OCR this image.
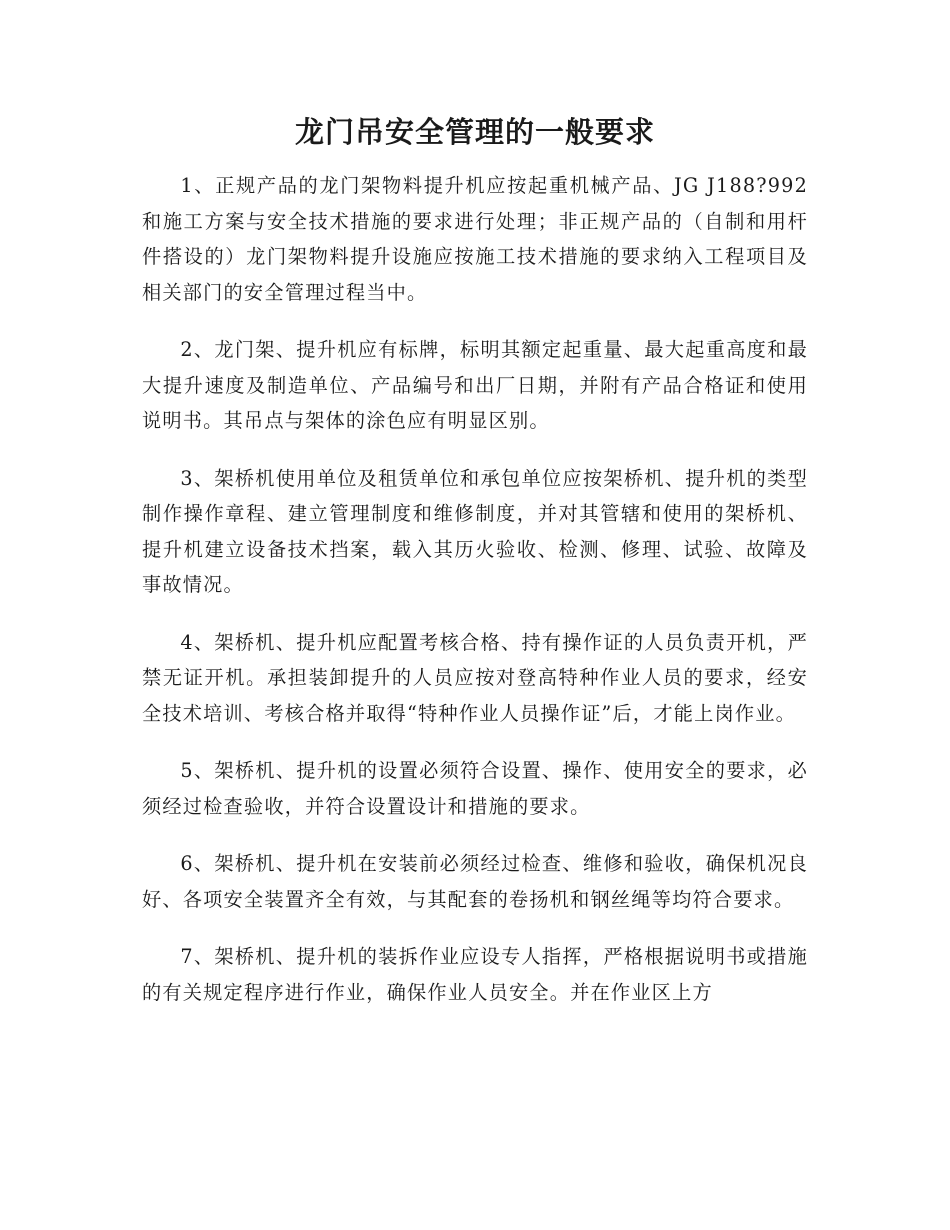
龙门吊安全管理的一般要求

1、正规产品的龙门架物料提升机应按起重机械产品、JG J188?992和施工方案与安全技术措施的要求进行处理；非正规产品的（自制和用杆件搭设的）龙门架物料提升设施应按施工技术措施的要求纳入工程项目及相关部门的安全管理过程当中。

2、龙门架、提升机应有标牌，标明其额定起重量、最大起重高度和最大提升速度及制造单位、产品编号和出厂日期，并附有产品合格证和使用说明书。其吊点与架体的涂色应有明显区别。

3、架桥机使用单位及租赁单位和承包单位应按架桥机、提升机的类型制作操作章程、建立管理制度和维修制度，并对其管辖和使用的架桥机、提升机建立设备技术挡案，载入其历火验收、检测、修理、试验、故障及事故情况。

4、架桥机、提升机应配置考核合格、持有操作证的人员负责开机，严禁无证开机。承担装卸提升的人员应按对登高特种作业人员的要求，经安全技术培训、考核合格并取得“特种作业人员操作证”后，才能上岗作业。

5、架桥机、提升机的设置必须符合设置、操作、使用安全的要求，必须经过检查验收，并符合设置设计和措施的要求。

6、架桥机、提升机在安装前必须经过检查、维修和验收，确保机况良好、各项安全装置齐全有效，与其配套的卷扬机和钢丝绳等均符合要求。

7、架桥机、提升机的装拆作业应设专人指挥，严格根据说明书或措施的有关规定程序进行作业，确保作业人员安全。并在作业区上方
